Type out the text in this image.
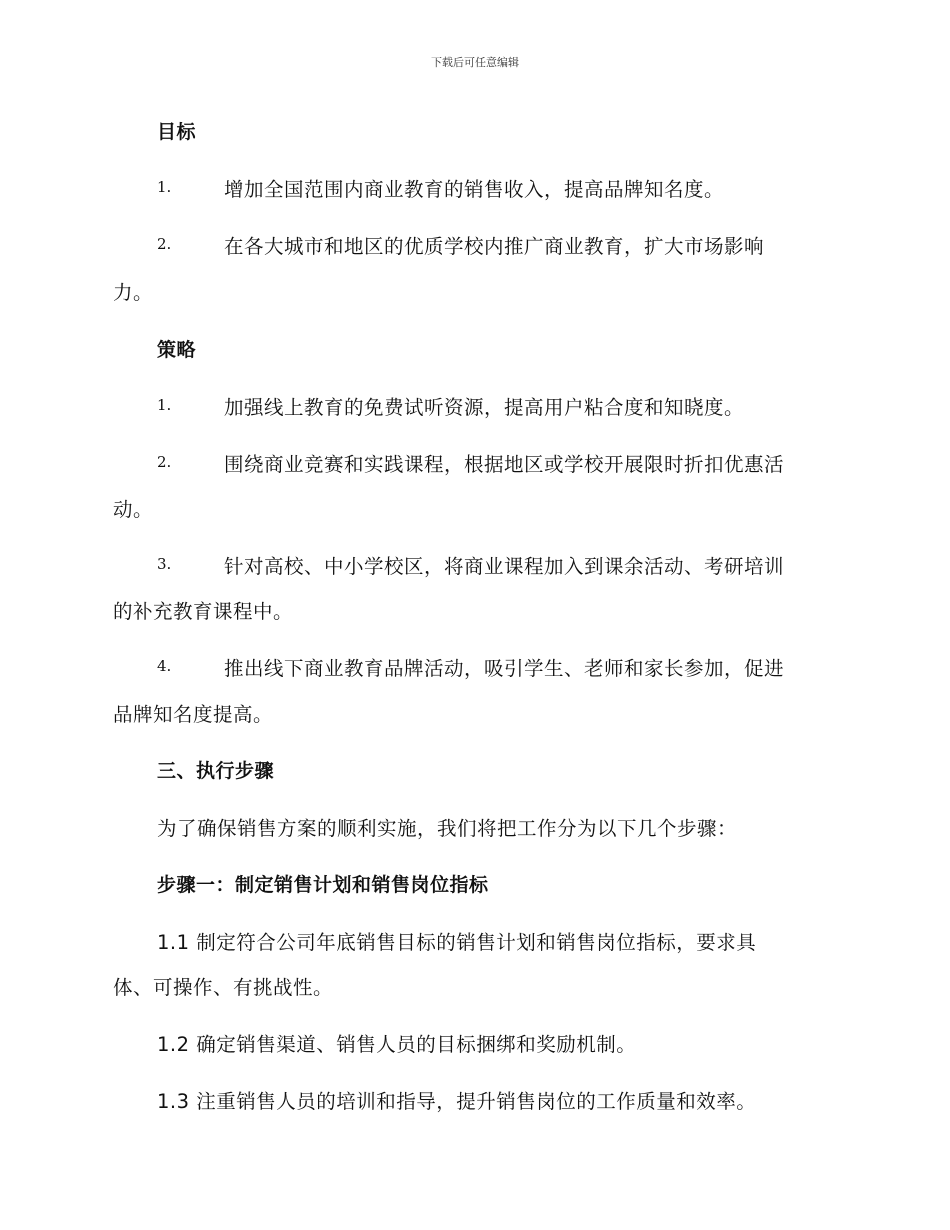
下载后可任意编辑
目标
1.	增加全国范围内商业教育的销售收入，提高品牌知名度。
2.	在各大城市和地区的优质学校内推广商业教育，扩大市场影响
力。
策略
1.	加强线上教育的免费试听资源，提高用户粘合度和知晓度。
2.	围绕商业竞赛和实践课程，根据地区或学校开展限时折扣优惠活
动。
3.	针对高校、中小学校区，将商业课程加入到课余活动、考研培训
的补充教育课程中。
4.	推出线下商业教育品牌活动，吸引学生、老师和家长参加，促进
品牌知名度提高。
三、执行步骤
为了确保销售方案的顺利实施，我们将把工作分为以下几个步骤：
步骤一：制定销售计划和销售岗位指标
1.1 制定符合公司年底销售目标的销售计划和销售岗位指标，要求具
体、可操作、有挑战性。
1.2 确定销售渠道、销售人员的目标捆绑和奖励机制。
1.3 注重销售人员的培训和指导，提升销售岗位的工作质量和效率。
